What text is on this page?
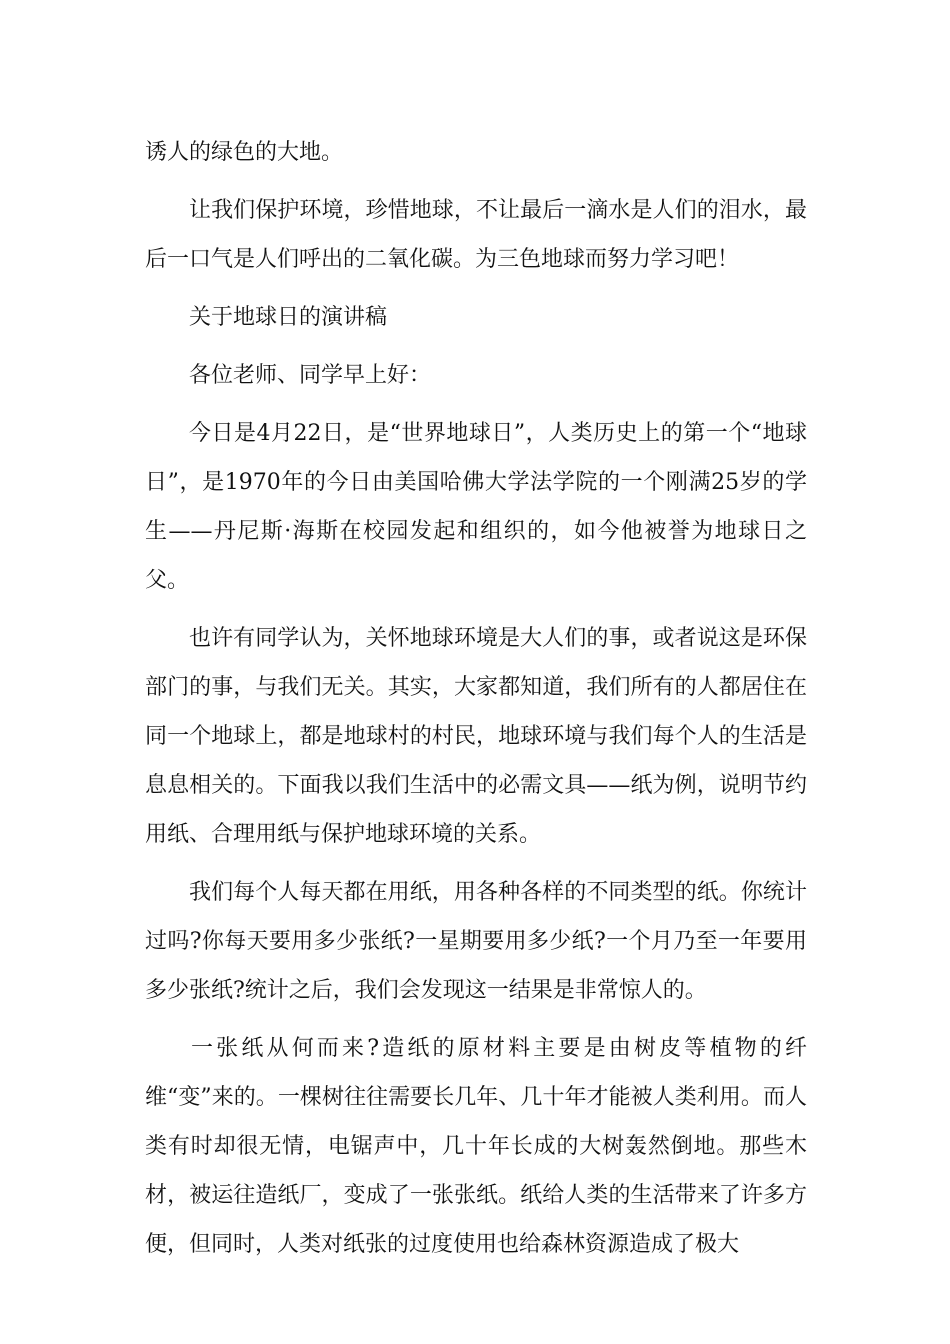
诱人的绿色的大地。

让我们保护环境，珍惜地球，不让最后一滴水是人们的泪水，最后一口气是人们呼出的二氧化碳。为三色地球而努力学习吧！

关于地球日的演讲稿

各位老师、同学早上好：

今日是4月22日，是“世界地球日”，人类历史上的第一个“地球日”，是1970年的今日由美国哈佛大学法学院的一个刚满25岁的学生——丹尼斯·海斯在校园发起和组织的，如今他被誉为地球日之父。

也许有同学认为，关怀地球环境是大人们的事，或者说这是环保部门的事，与我们无关。其实，大家都知道，我们所有的人都居住在同一个地球上，都是地球村的村民，地球环境与我们每个人的生活是息息相关的。下面我以我们生活中的必需文具——纸为例，说明节约用纸、合理用纸与保护地球环境的关系。

我们每个人每天都在用纸，用各种各样的不同类型的纸。你统计过吗?你每天要用多少张纸?一星期要用多少纸?一个月乃至一年要用多少张纸?统计之后，我们会发现这一结果是非常惊人的。

一张纸从何而来?造纸的原材料主要是由树皮等植物的纤维“变”来的。一棵树往往需要长几年、几十年才能被人类利用。而人类有时却很无情，电锯声中，几十年长成的大树轰然倒地。那些木材，被运往造纸厂，变成了一张张纸。纸给人类的生活带来了许多方便，但同时，人类对纸张的过度使用也给森林资源造成了极大
